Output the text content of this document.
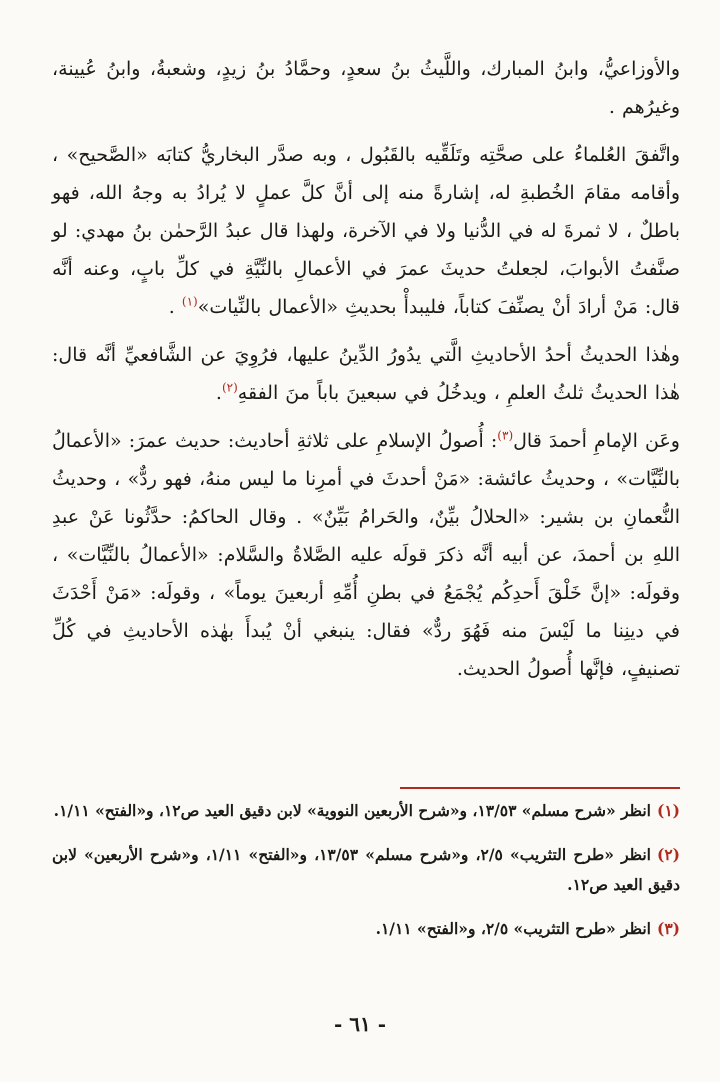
والأوزاعيُّ، وابنُ المبارك، واللَّيثُ بنُ سعدٍ، وحمَّادُ بنُ زيدٍ، وشعبةُ، وابنُ عُيينة، وغيرُهم .

واتَّفقَ العُلماءُ على صحَّتِه وتَلَقِّيه بالقَبُول ، وبه صدَّر البخاريُّ كتابَه «الصَّحيح» ، وأقامه مقامَ الخُطبةِ له، إشارةً منه إلى أنَّ كلَّ عملٍ لا يُرادُ به وجهُ الله، فهو باطلٌ ، لا ثمرةَ له في الدُّنيا ولا في الآخرة، ولهذا قال عبدُ الرَّحمٰن بنُ مهدي: لو صنَّفتُ الأبوابَ، لجعلتُ حديثَ عمرَ في الأعمالِ بالنِّيَّةِ في كلِّ بابٍ، وعنه أنَّه قال: مَنْ أرادَ أنْ يصنِّفَ كتاباً، فليبدأْ بحديثِ «الأعمال بالنِّيات»$^{(١)}$ .

وهٰذا الحديثُ أحدُ الأحاديثِ الَّتي يدُورُ الدِّينُ عليها، فرُوِيَ عن الشَّافعيِّ أنَّه قال: هٰذا الحديثُ ثلثُ العلمِ ، ويدخُلُ في سبعينَ باباً منَ الفقهِ$^{(٢)}$.

وعَن الإمامِ أحمدَ قال$^{(٣)}$: أُصولُ الإسلامِ على ثلاثةِ أحاديث: حديث عمرَ: «الأعمالُ بالنِّيَّات» ، وحديثُ عائشة: «مَنْ أحدثَ في أمرِنا ما ليس منهُ، فهو ردٌّ» ، وحديثُ النُّعمانِ بن بشير: «الحلالُ بيِّنٌ، والحَرامُ بَيِّنٌ» . وقال الحاكمُ: حدَّثُونا عَنْ عبدِ اللهِ بن أحمدَ، عن أبيه أنَّه ذكرَ قولَه عليه الصَّلاةُ والسَّلام: «الأعمالُ بالنِّيَّات» ، وقولَه: «إنَّ خَلْقَ أَحدِكُم يُجْمَعُ في بطنِ أُمِّهِ أربعينَ يوماً» ، وقولَه: «مَنْ أَحْدَثَ في دينِنا ما لَيْسَ منه فَهُوَ ردٌّ» فقال: ينبغي أنْ يُبدأَ بهٰذه الأحاديثِ في كُلِّ تصنيفٍ، فإنَّها أُصولُ الحديث.

(١)انظر «شرح مسلم» ١٣/٥٣، و«شرح الأربعين النووية» لابن دقيق العيد ص١٢، و«الفتح» ١/١١.

(٢)انظر «طرح التثريب» ٢/٥، و«شرح مسلم» ١٣/٥٣، و«الفتح» ١/١١، و«شرح الأربعين» لابن دقيق العيد ص١٢.

(٣)انظر «طرح التثريب» ٢/٥، و«الفتح» ١/١١.

- ٦١ -
